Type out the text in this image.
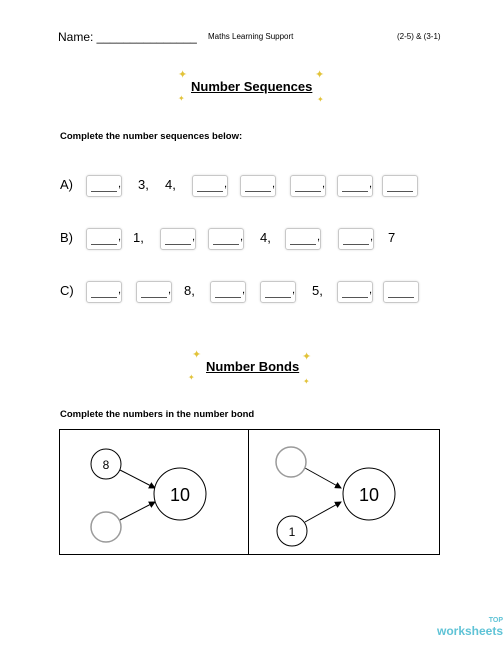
Name: _______________ Maths Learning Support	(2-5) & (3-1)
✦
✦
✦
✦
Number Sequences
Complete the number sequences below:
A)	, 3, 4,	,	,	,	,
B)	, 1,	,	, 4,	,	, 7
C)	,	, 8,	,	, 5,	,
✦
✦
✦
✦
Number Bonds
Complete the numbers in the number bond
8
10
1
10
TOP
worksheets
